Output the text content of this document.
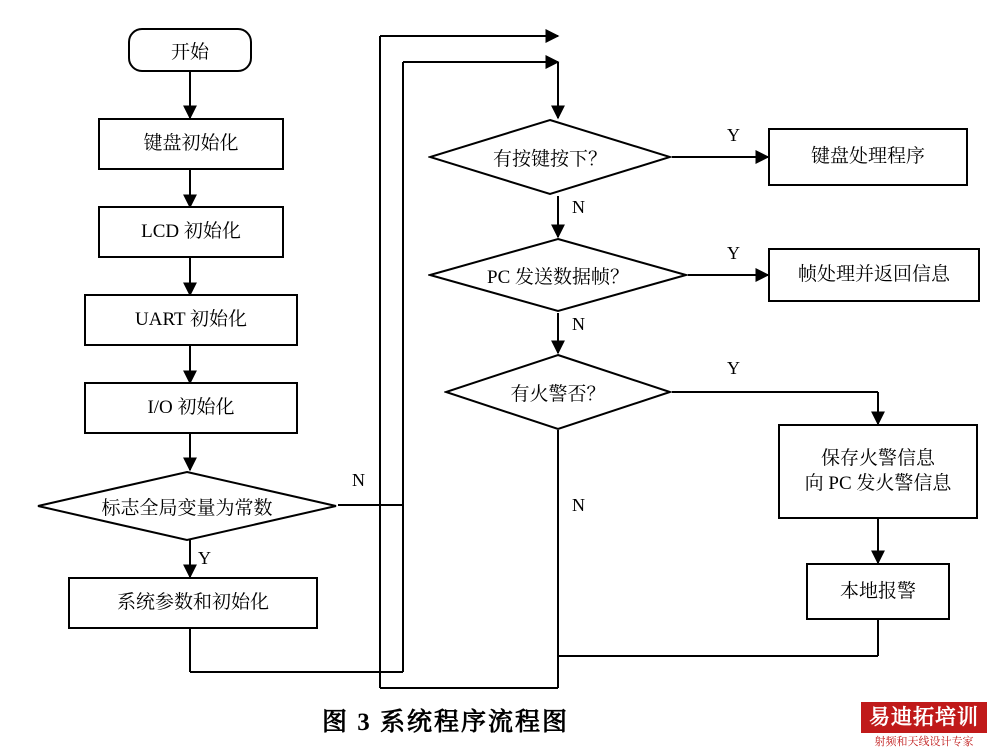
开始
键盘初始化
LCD 初始化
UART 初始化
I/O 初始化
标志全局变量为常数
系统参数和初始化
有按键按下？
PC 发送数据帧？
有火警否？
键盘处理程序
帧处理并返回信息
保存火警信息
向 PC 发火警信息
本地报警
N
Y
Y
N
Y
N
Y
N
图 3 系统程序流程图	易迪拓培训
射频和天线设计专家
